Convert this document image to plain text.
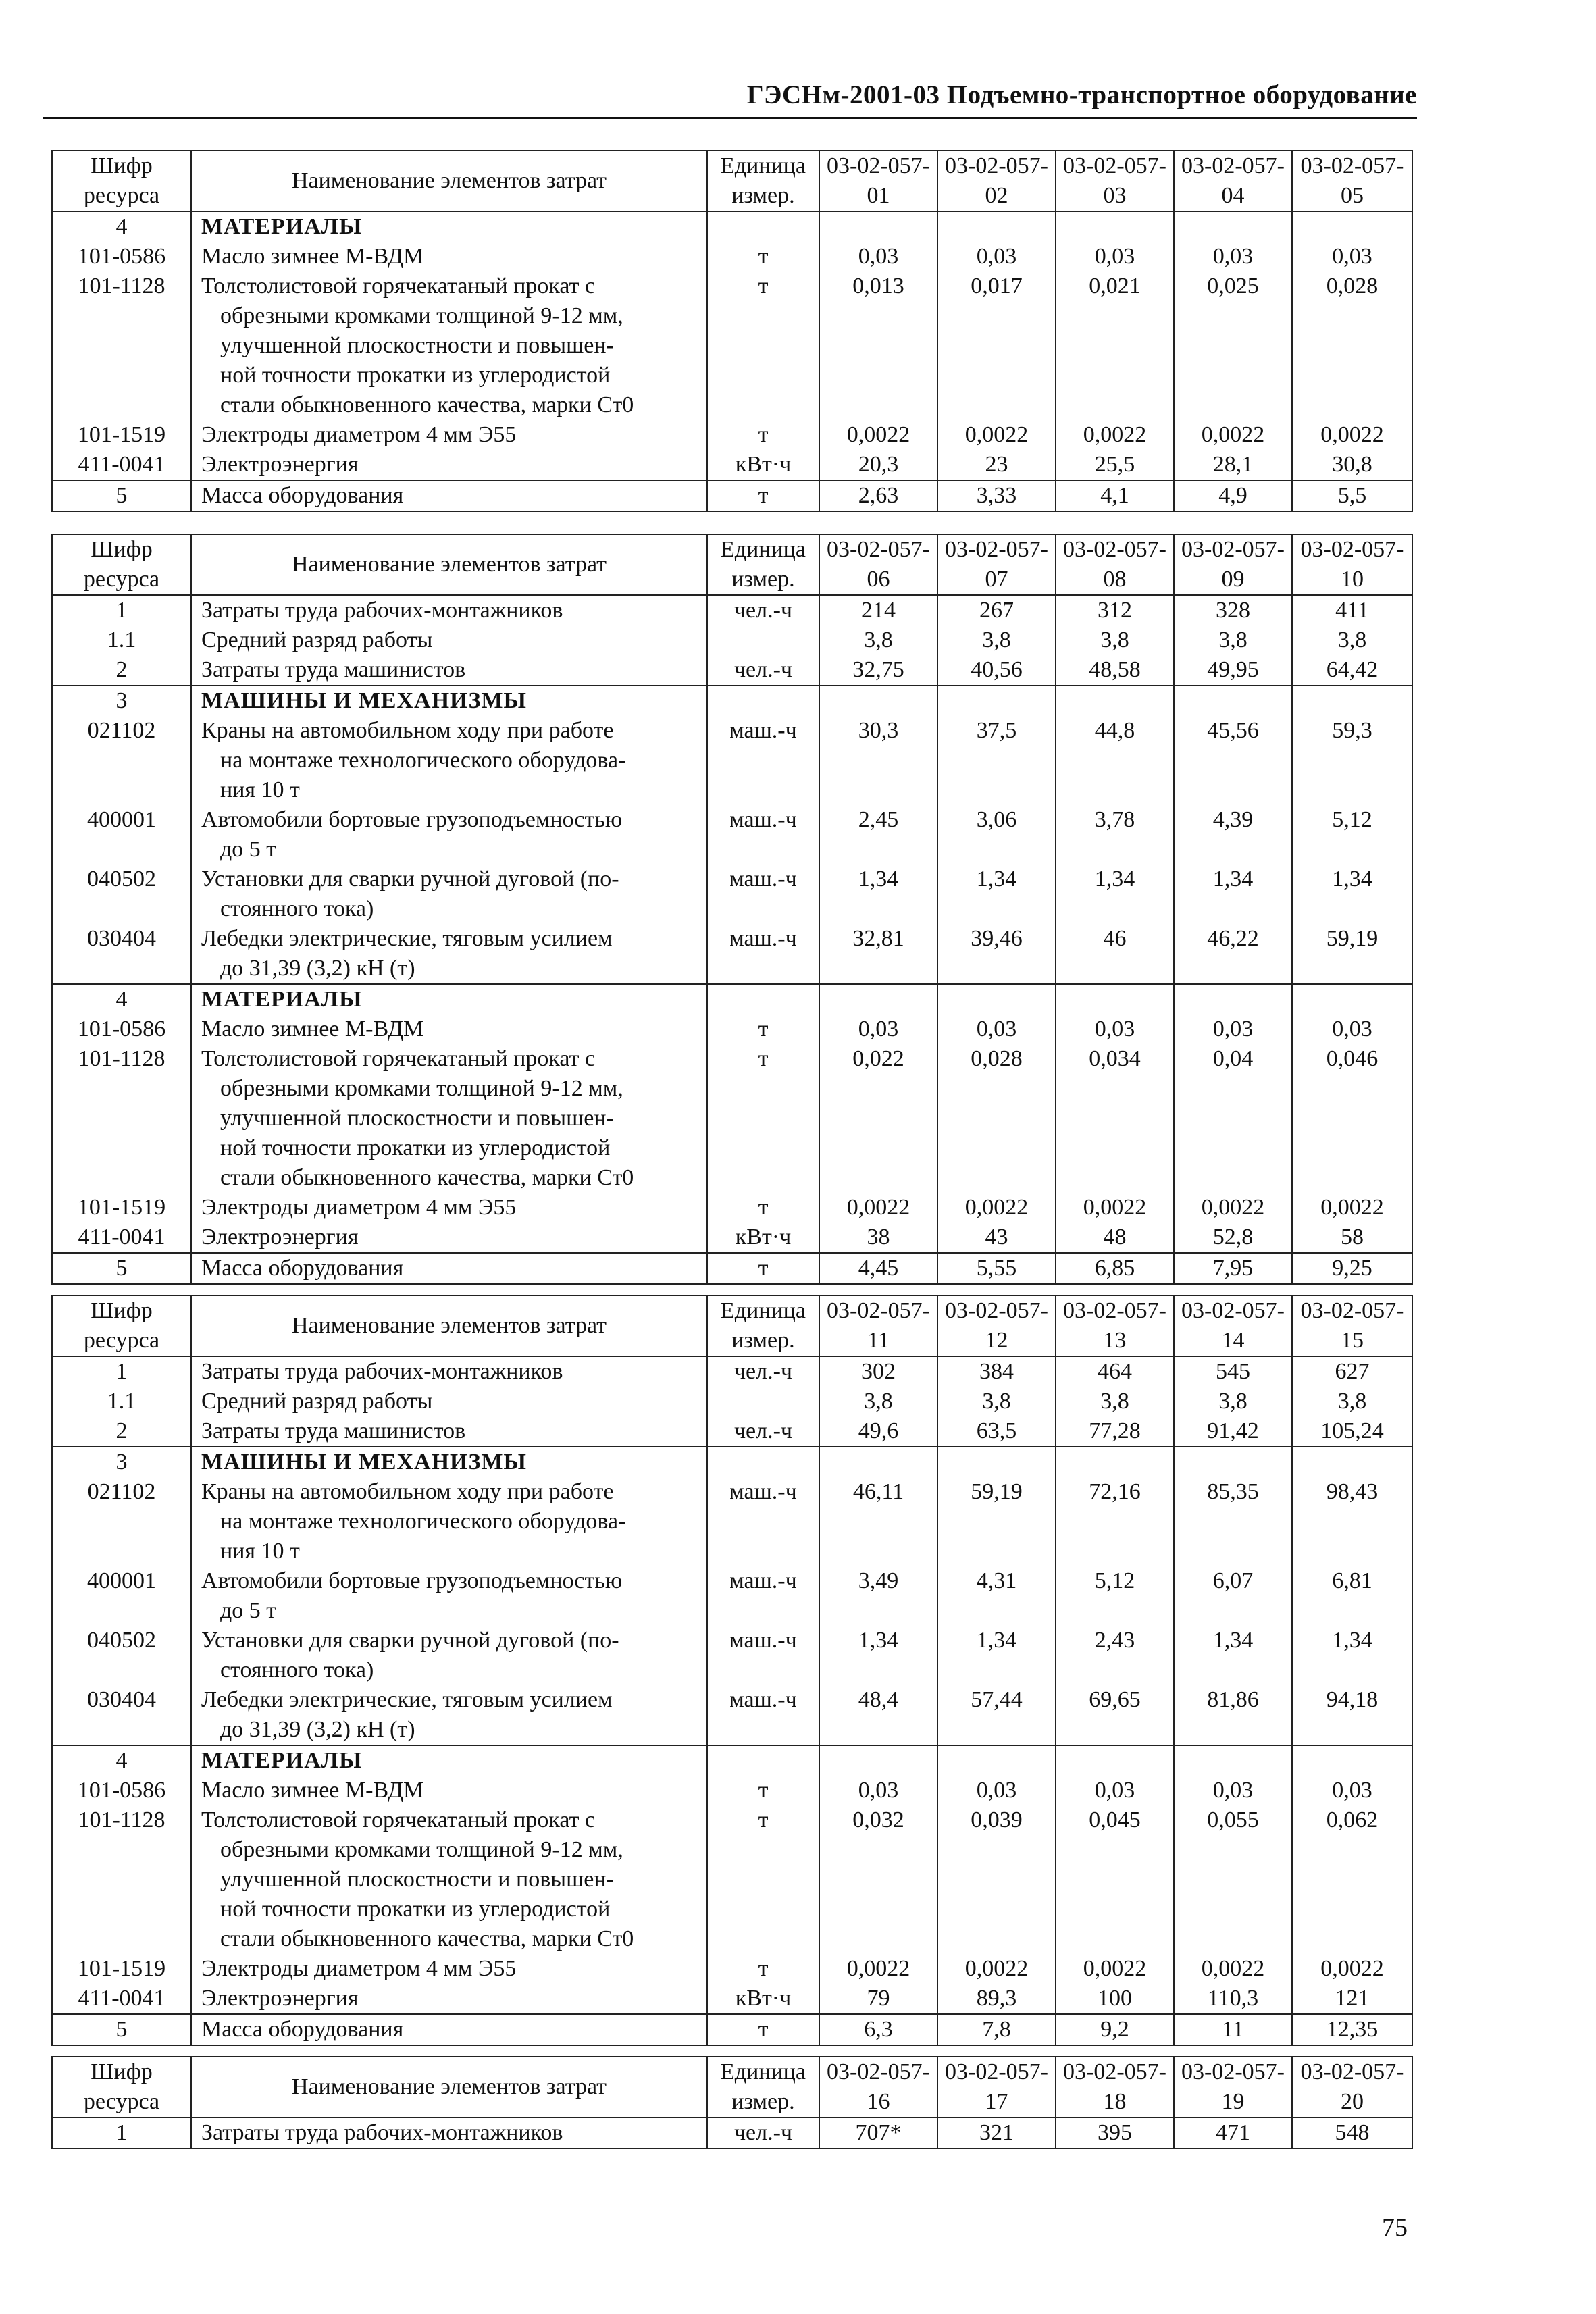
ГЭСНм-2001-03 Подъемно-транспортное оборудование
Шифр ресурса	Наименование элементов затрат	Единица измер.	03-02-057-01	03-02-057-02	03-02-057-03	03-02-057-04	03-02-057-05
4	МАТЕРИАЛЫ						
101-0586	Масло зимнее М-ВДМ	т	0,03	0,03	0,03	0,03	0,03
101-1128	Толстолистовой горячекатаный прокат с
обрезными кромками толщиной 9-12 мм,
улучшенной плоскостности и повышен-
ной точности прокатки из углеродистой
стали обыкновенного качества, марки Ст0	т	0,013	0,017	0,021	0,025	0,028
101-1519	Электроды диаметром 4 мм Э55	т	0,0022	0,0022	0,0022	0,0022	0,0022
411-0041	Электроэнергия	кВт·ч	20,3	23	25,5	28,1	30,8
5	Масса оборудования	т	2,63	3,33	4,1	4,9	5,5
Шифр ресурса	Наименование элементов затрат	Единица измер.	03-02-057-06	03-02-057-07	03-02-057-08	03-02-057-09	03-02-057-10
1	Затраты труда рабочих-монтажников	чел.-ч	214	267	312	328	411
1.1	Средний разряд работы		3,8	3,8	3,8	3,8	3,8
2	Затраты труда машинистов	чел.-ч	32,75	40,56	48,58	49,95	64,42
3	МАШИНЫ И МЕХАНИЗМЫ						
021102	Краны на автомобильном ходу при работе
на монтаже технологического оборудова-
ния 10 т	маш.-ч	30,3	37,5	44,8	45,56	59,3
400001	Автомобили бортовые грузоподъемностью
до 5 т	маш.-ч	2,45	3,06	3,78	4,39	5,12
040502	Установки для сварки ручной дуговой (по-
стоянного тока)	маш.-ч	1,34	1,34	1,34	1,34	1,34
030404	Лебедки электрические, тяговым усилием
до 31,39 (3,2) кН (т)	маш.-ч	32,81	39,46	46	46,22	59,19
4	МАТЕРИАЛЫ						
101-0586	Масло зимнее М-ВДМ	т	0,03	0,03	0,03	0,03	0,03
101-1128	Толстолистовой горячекатаный прокат с
обрезными кромками толщиной 9-12 мм,
улучшенной плоскостности и повышен-
ной точности прокатки из углеродистой
стали обыкновенного качества, марки Ст0	т	0,022	0,028	0,034	0,04	0,046
101-1519	Электроды диаметром 4 мм Э55	т	0,0022	0,0022	0,0022	0,0022	0,0022
411-0041	Электроэнергия	кВт·ч	38	43	48	52,8	58
5	Масса оборудования	т	4,45	5,55	6,85	7,95	9,25
Шифр ресурса	Наименование элементов затрат	Единица измер.	03-02-057-11	03-02-057-12	03-02-057-13	03-02-057-14	03-02-057-15
1	Затраты труда рабочих-монтажников	чел.-ч	302	384	464	545	627
1.1	Средний разряд работы		3,8	3,8	3,8	3,8	3,8
2	Затраты труда машинистов	чел.-ч	49,6	63,5	77,28	91,42	105,24
3	МАШИНЫ И МЕХАНИЗМЫ						
021102	Краны на автомобильном ходу при работе
на монтаже технологического оборудова-
ния 10 т	маш.-ч	46,11	59,19	72,16	85,35	98,43
400001	Автомобили бортовые грузоподъемностью
до 5 т	маш.-ч	3,49	4,31	5,12	6,07	6,81
040502	Установки для сварки ручной дуговой (по-
стоянного тока)	маш.-ч	1,34	1,34	2,43	1,34	1,34
030404	Лебедки электрические, тяговым усилием
до 31,39 (3,2) кН (т)	маш.-ч	48,4	57,44	69,65	81,86	94,18
4	МАТЕРИАЛЫ						
101-0586	Масло зимнее М-ВДМ	т	0,03	0,03	0,03	0,03	0,03
101-1128	Толстолистовой горячекатаный прокат с
обрезными кромками толщиной 9-12 мм,
улучшенной плоскостности и повышен-
ной точности прокатки из углеродистой
стали обыкновенного качества, марки Ст0	т	0,032	0,039	0,045	0,055	0,062
101-1519	Электроды диаметром 4 мм Э55	т	0,0022	0,0022	0,0022	0,0022	0,0022
411-0041	Электроэнергия	кВт·ч	79	89,3	100	110,3	121
5	Масса оборудования	т	6,3	7,8	9,2	11	12,35
Шифр ресурса	Наименование элементов затрат	Единица измер.	03-02-057-16	03-02-057-17	03-02-057-18	03-02-057-19	03-02-057-20
1	Затраты труда рабочих-монтажников	чел.-ч	707*	321	395	471	548
75
